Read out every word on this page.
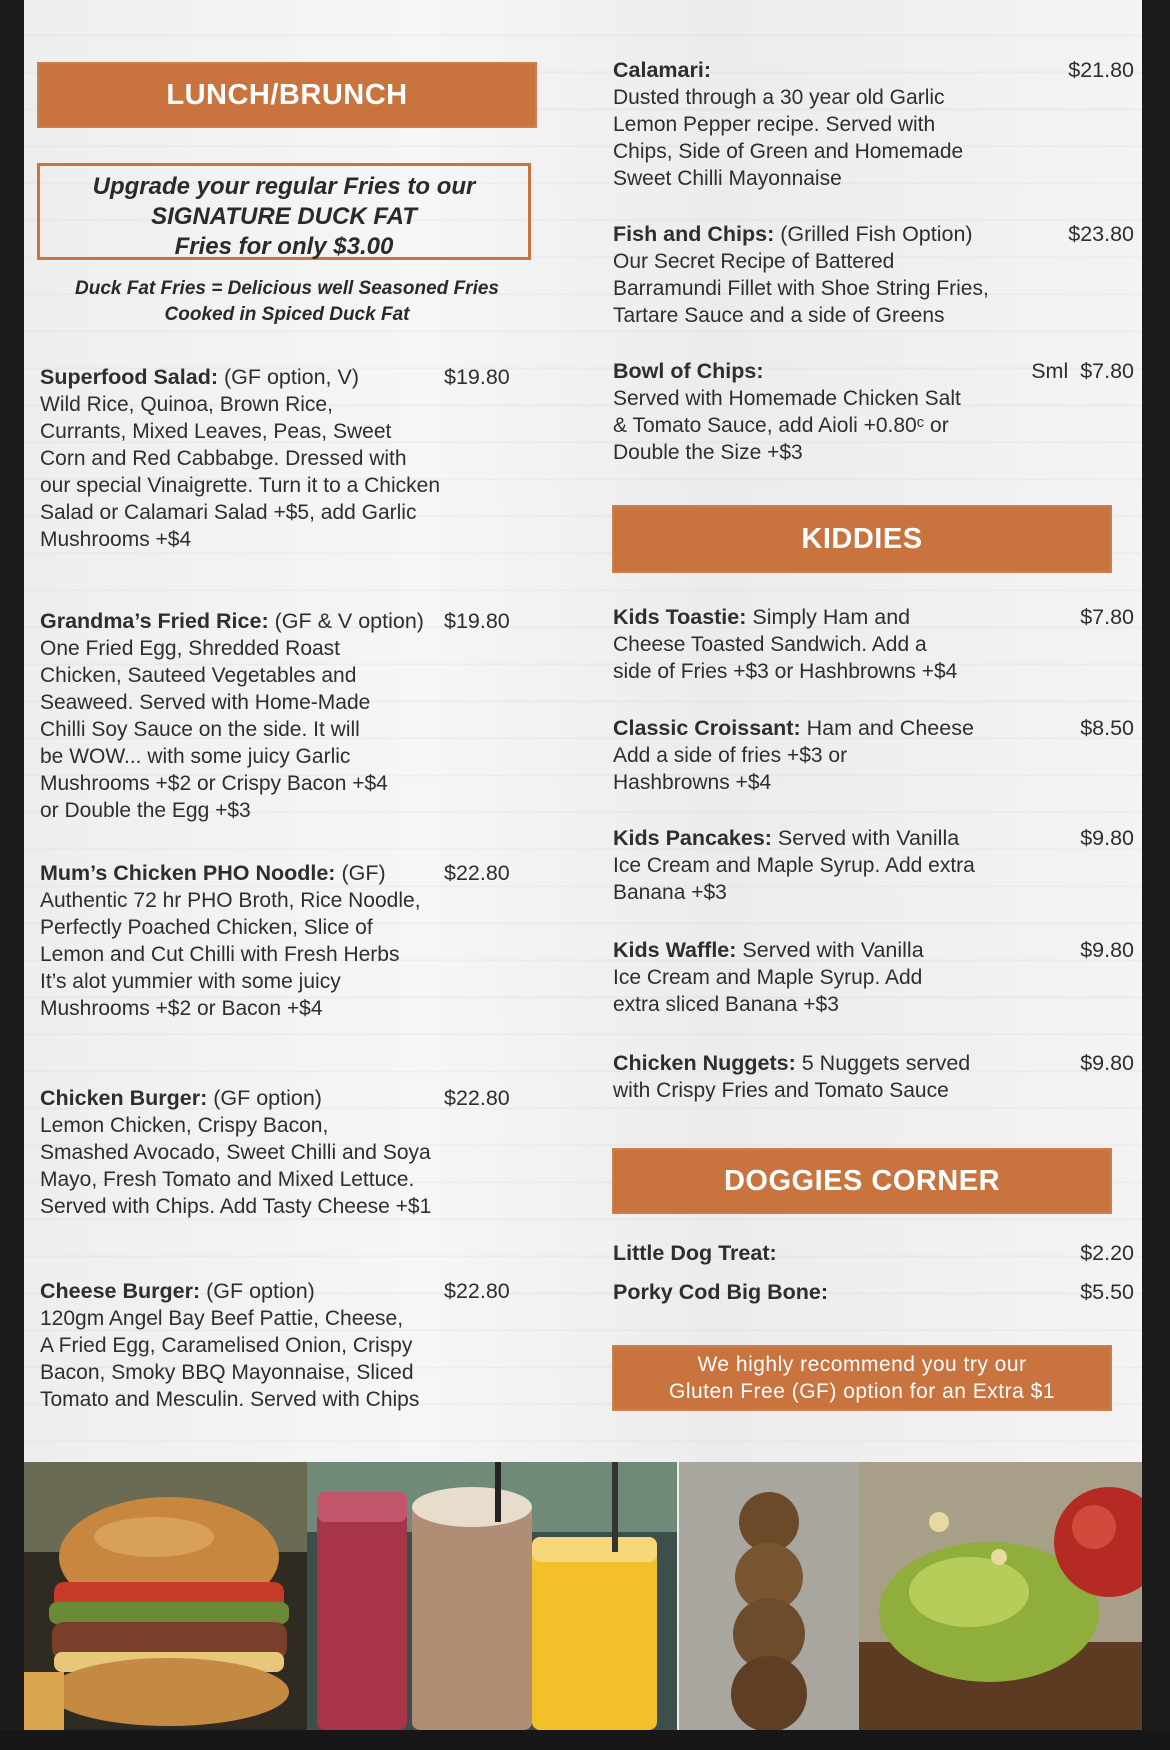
LUNCH/BRUNCH
Upgrade your regular Fries to our
SIGNATURE DUCK FAT
Fries for only $3.00
Duck Fat Fries = Delicious well Seasoned Fries
Cooked in Spiced Duck Fat
Superfood Salad: (GF option, V)
Wild Rice, Quinoa, Brown Rice,
Currants, Mixed Leaves, Peas, Sweet
Corn and Red Cabbabge. Dressed with
our special Vinaigrette. Turn it to a Chicken
Salad or Calamari Salad +$5, add Garlic
Mushrooms +$4
$19.80
Grandma’s Fried Rice: (GF & V option)
One Fried Egg, Shredded Roast
Chicken, Sauteed Vegetables and
Seaweed. Served with Home-Made
Chilli Soy Sauce on the side. It will
be WOW... with some juicy Garlic
Mushrooms +$2 or Crispy Bacon +$4
or Double the Egg +$3
$19.80
Mum’s Chicken PHO Noodle: (GF)
Authentic 72 hr PHO Broth, Rice Noodle,
Perfectly Poached Chicken, Slice of
Lemon and Cut Chilli with Fresh Herbs
It’s alot yummier with some juicy
Mushrooms +$2 or Bacon +$4
$22.80
Chicken Burger: (GF option)
Lemon Chicken, Crispy Bacon,
Smashed Avocado, Sweet Chilli and Soya
Mayo, Fresh Tomato and Mixed Lettuce.
Served with Chips. Add Tasty Cheese +$1
$22.80
Cheese Burger: (GF option)
120gm Angel Bay Beef Pattie, Cheese,
A Fried Egg, Caramelised Onion, Crispy
Bacon, Smoky BBQ Mayonnaise, Sliced
Tomato and Mesculin. Served with Chips
$22.80
Calamari:
Dusted through a 30 year old Garlic
Lemon Pepper recipe. Served with
Chips, Side of Green and Homemade
Sweet Chilli Mayonnaise
$21.80
Fish and Chips: (Grilled Fish Option)
Our Secret Recipe of Battered
Barramundi Fillet with Shoe String Fries,
Tartare Sauce and a side of Greens
$23.80
Bowl of Chips:
Served with Homemade Chicken Salt
& Tomato Sauce, add Aioli +0.80ᶜ or
Double the Size +$3
Sml  $7.80
KIDDIES
Kids Toastie: Simply Ham and
Cheese Toasted Sandwich. Add a
side of Fries +$3 or Hashbrowns +$4
$7.80
Classic Croissant: Ham and Cheese
Add a side of fries +$3 or
Hashbrowns +$4
$8.50
Kids Pancakes: Served with Vanilla
Ice Cream and Maple Syrup. Add extra
Banana +$3
$9.80
Kids Waffle: Served with Vanilla
Ice Cream and Maple Syrup. Add
extra sliced Banana +$3
$9.80
Chicken Nuggets: 5 Nuggets served
with Crispy Fries and Tomato Sauce
$9.80
DOGGIES CORNER
Little Dog Treat:	$2.20
Porky Cod Big Bone:	$5.50
We highly recommend you try our
Gluten Free (GF) option for an Extra $1
